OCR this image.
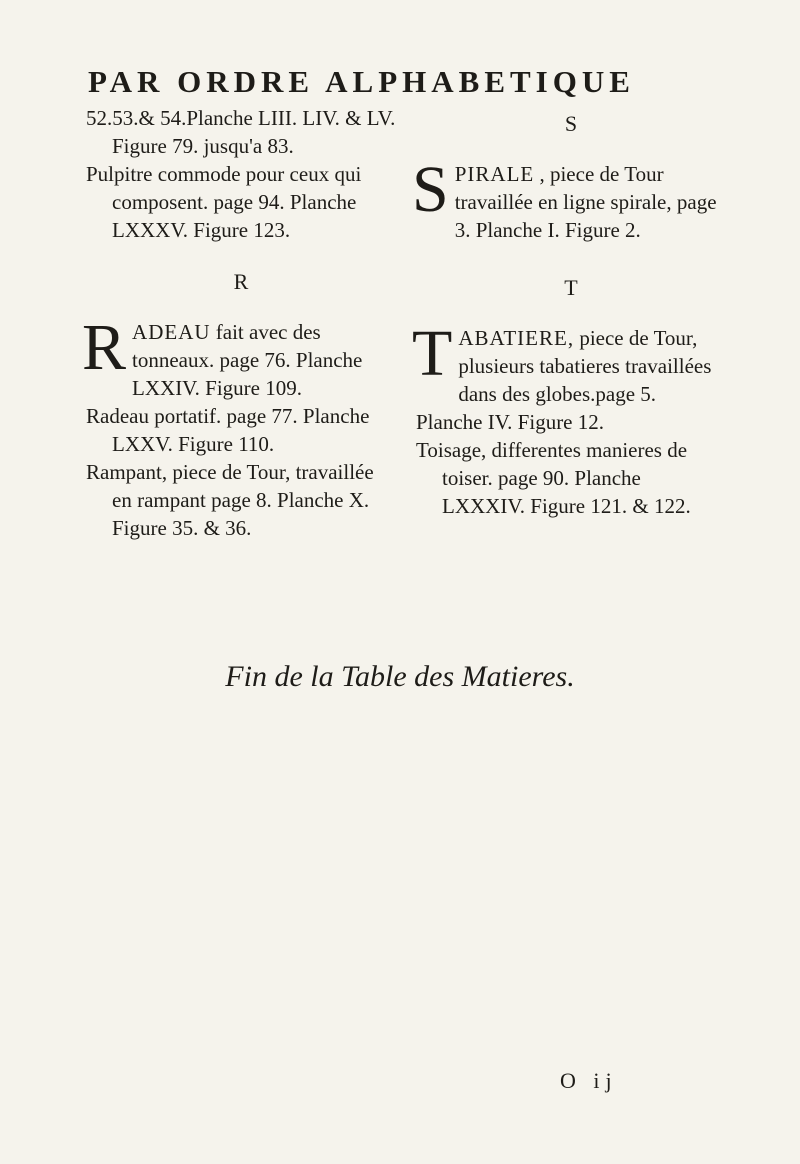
PAR ORDRE ALPHABETIQUE

52.53.& 54.Planche LIII. LIV. & LV. Figure 79. jusqu'a 83.

Pulpitre commode pour ceux qui composent. page 94. Planche LXXXV. Figure 123.

R

R ADEAU fait avec des tonneaux. page 76. Planche LXXIV. Figure 109.

Radeau portatif. page 77. Planche LXXV. Figure 110.

Rampant, piece de Tour, travaillée en rampant page 8. Planche X. Figure 35. & 36.

S

S PIRALE , piece de Tour travaillée en ligne spirale, page 3. Planche I. Figure 2.

T

T ABATIERE, piece de Tour, plusieurs tabatieres travaillées dans des globes.page 5. Planche IV. Figure 12.

Toisage, differentes manieres de toiser. page 90. Planche LXXXIV. Figure 121. & 122.

Fin de la Table des Matieres.
O ij
